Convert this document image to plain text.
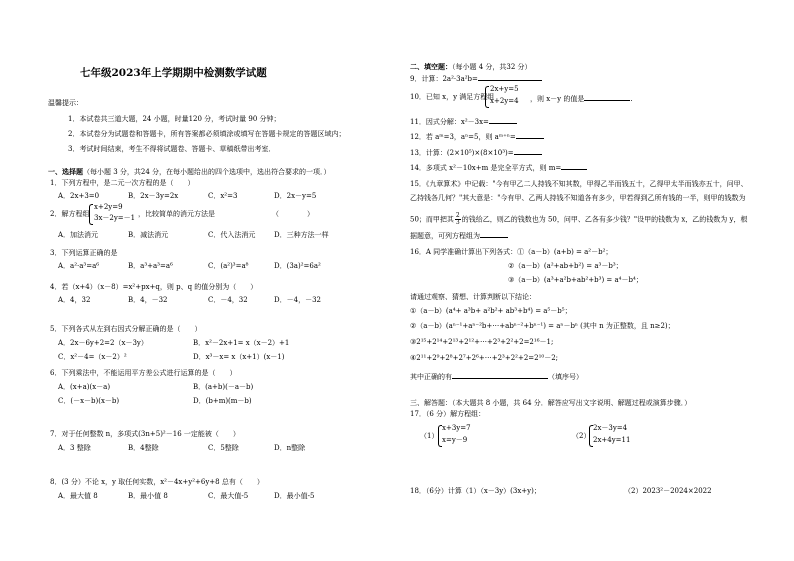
七年级2023年上学期期中检测数学试题
温馨提示：
1．本试卷共三道大题，24 小题，时量120 分，考试时量 90 分钟；
2．本试卷分为试题卷和答题卡，所有答案都必须填涂或填写在答题卡规定的答题区域内；
3．考试时间结束，考生不得将试题卷、答题卡、草稿纸带出考室．
一、选择题（每小题 3 分，共24 分，在每小题给出的四个选项中，选出符合要求的一项．）
1．下列方程中，是二元一次方程的是（　　）
A．2x+3=0	B．2x－3y=2x	C．x²=3	D．2x－y=5
2．解方程组
x+2y=9
3x－2y=－1 ，比较简单的消元方法是	（　　　　）
A．加法消元	B．减法消元	C．代入法消元	D．三种方法一样
3．下列运算正确的是
A．a²·a³=a⁶	B．a³+a³=a⁶	C．(a²)³=a⁸	D．(3a)²=6a²
4．若（x+4）（x－8）=x²+px+q，则 p、q 的值分别为（　　）
A．4，32	B．4，－32	C．－4，32	D．－4，－32
5．下列各式从左到右因式分解正确的是（　　）
A．2x－6y+2=2（x－3y）	B．x²－2x+1= x（x－2）+1
C．x²－4=（x－2）²	D．x³－x= x（x+1）(x－1)
6．下列乘法中，不能运用平方差公式进行运算的是（　　）
A．(x+a)(x－a)	B．(a+b)(－a－b)
C．(－x－b)(x－b)	D．(b+m)(m－b)
7．对于任何整数 n，多项式(3n+5)²－16 一定能被（　　）
A．3 整除	B．4整除	C．5整除	D．n整除
8．(3 分）不论 x，y 取任何实数，x²－4x+y²+6y+8 总有（　　）
A．最大值 8	B．最小值 8	C．最大值-5	D．最小值-5
二、填空题：（每小题 4 分，共32 分）
9．计算：2a²·3a²b=
10．已知 x，y 满足方程组
2x+y=5
x+2y=4 ，则 x－y 的值是	.
11．因式分解：x²－3x=
12．若 aᵐ=3，aⁿ=5，则 aᵐ⁺ⁿ=
13．计算：(2×10⁵)×(8×10³)=
14．多项式 x²－10x+m 是完全平方式，则 m=
15．《九章算术》中记载："今有甲乙二人持钱不知其数，甲得乙半而钱五十，乙得甲太半而钱亦五十，问甲、
乙持钱各几何？"其大意是："今有甲、乙两人持钱不知道各有多少，甲若得到乙所有钱的一半，则甲的钱数为
50；而甲把其 $\frac{2}{3}$ 的钱给乙，则乙的钱数也为 50，问甲、乙各有多少钱？"设甲的钱数为 x，乙的钱数为 y，根
据题意，可列方程组为
16．A 同学准确计算出下列各式：①（a－b）(a+b) = a²－b²；
②（a－b）(a²+ab+b²) = a³－b³；
③（a－b）(a³+a²b+ab²+b³) = a⁴－b⁴；
请通过观察、猜想、计算判断以下结论：
①（a－b）(a⁴+ a³b+ a²b²+ ab³+b⁴) = a⁵－b⁵；
②（a－b）(aⁿ⁻¹+aⁿ⁻²b+⋯+abⁿ⁻²+bⁿ⁻¹) = aⁿ－bⁿ (其中 n 为正整数，且 n≥2)；
③2¹⁵+2¹⁴+2¹³+2¹²+⋯+2³+2²+2=2¹⁶－1;
④2¹¹+2⁹+2⁸+2⁷+2⁶+⋯+2³+2²+2=2¹⁰－2;
其中正确的有	（填序号）
三、解答题：（本大题共 8 小题，共 64 分．解答应写出文字说明、解题过程或演算步骤．）
17．（6 分）解方程组：
（1）
x+3y=7
x=y－9	（2）
2x－3y=4
2x+4y=11
18．（6分）计算（1）（x－3y）(3x+y)；	（2）2023²－2024×2022
